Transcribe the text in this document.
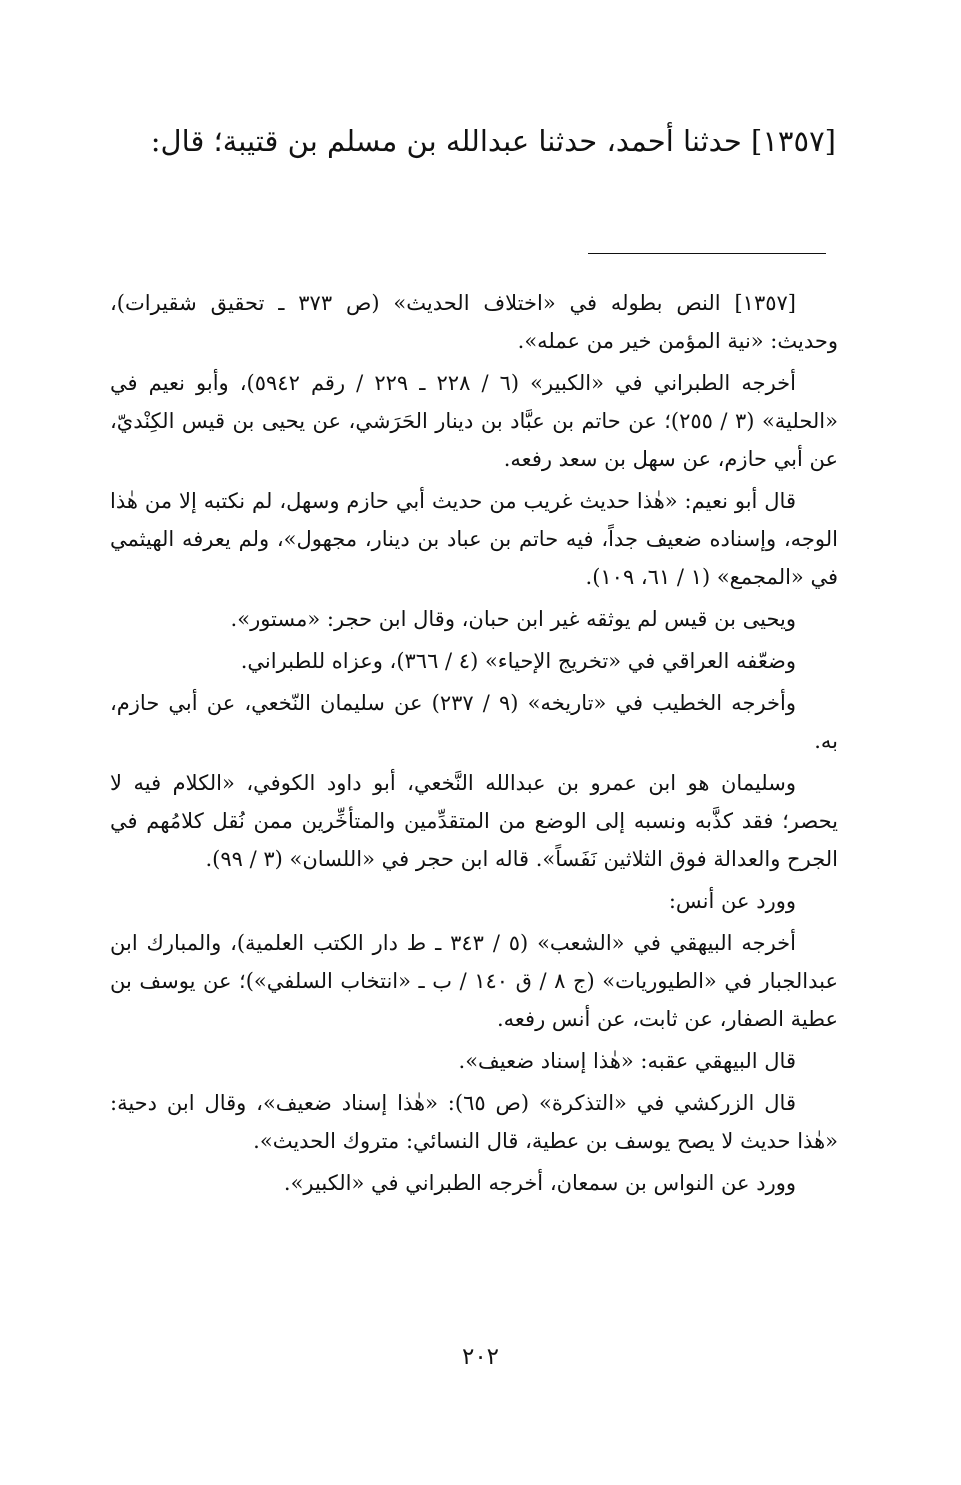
[١٣٥٧] حدثنا أحمد، حدثنا عبدالله بن مسلم بن قتيبة؛ قال:

[١٣٥٧] النص بطوله في «اختلاف الحديث» (ص ٣٧٣ ـ تحقيق شقيرات)، وحديث: «نية المؤمن خير من عمله».

أخرجه الطبراني في «الكبير» (٦ / ٢٢٨ ـ ٢٢٩ / رقم ٥٩٤٢)، وأبو نعيم في «الحلية» (٣ / ٢٥٥)؛ عن حاتم بن عبَّاد بن دينار الحَرَشي، عن يحيى بن قيس الكِنْديّ، عن أبي حازم، عن سهل بن سعد رفعه.

قال أبو نعيم: «هٰذا حديث غريب من حديث أبي حازم وسهل، لم نكتبه إلا من هٰذا الوجه، وإسناده ضعيف جداً، فيه حاتم بن عباد بن دينار، مجهول»، ولم يعرفه الهيثمي في «المجمع» (١ / ٦١، ١٠٩).

ويحيى بن قيس لم يوثقه غير ابن حبان، وقال ابن حجر: «مستور».

وضعّفه العراقي في «تخريج الإحياء» (٤ / ٣٦٦)، وعزاه للطبراني.

وأخرجه الخطيب في «تاريخه» (٩ / ٢٣٧) عن سليمان النّخعي، عن أبي حازم، به.

وسليمان هو ابن عمرو بن عبدالله النَّخعي، أبو داود الكوفي، «الكلام فيه لا يحصر؛ فقد كذَّبه ونسبه إلى الوضع من المتقدِّمين والمتأخِّرين ممن نُقل كلامُهم في الجرح والعدالة فوق الثلاثين نَفَساً». قاله ابن حجر في «اللسان» (٣ / ٩٩).

وورد عن أنس:

أخرجه البيهقي في «الشعب» (٥ / ٣٤٣ ـ ط دار الكتب العلمية)، والمبارك ابن عبدالجبار في «الطيوريات» (ج ٨ / ق ١٤٠ / ب ـ «انتخاب السلفي»)؛ عن يوسف بن عطية الصفار، عن ثابت، عن أنس رفعه.

قال البيهقي عقبه: «هٰذا إسناد ضعيف».

قال الزركشي في «التذكرة» (ص ٦٥): «هٰذا إسناد ضعيف»، وقال ابن دحية: «هٰذا حديث لا يصح يوسف بن عطية، قال النسائي: متروك الحديث».

وورد عن النواس بن سمعان، أخرجه الطبراني في «الكبير».

٢٠٢
